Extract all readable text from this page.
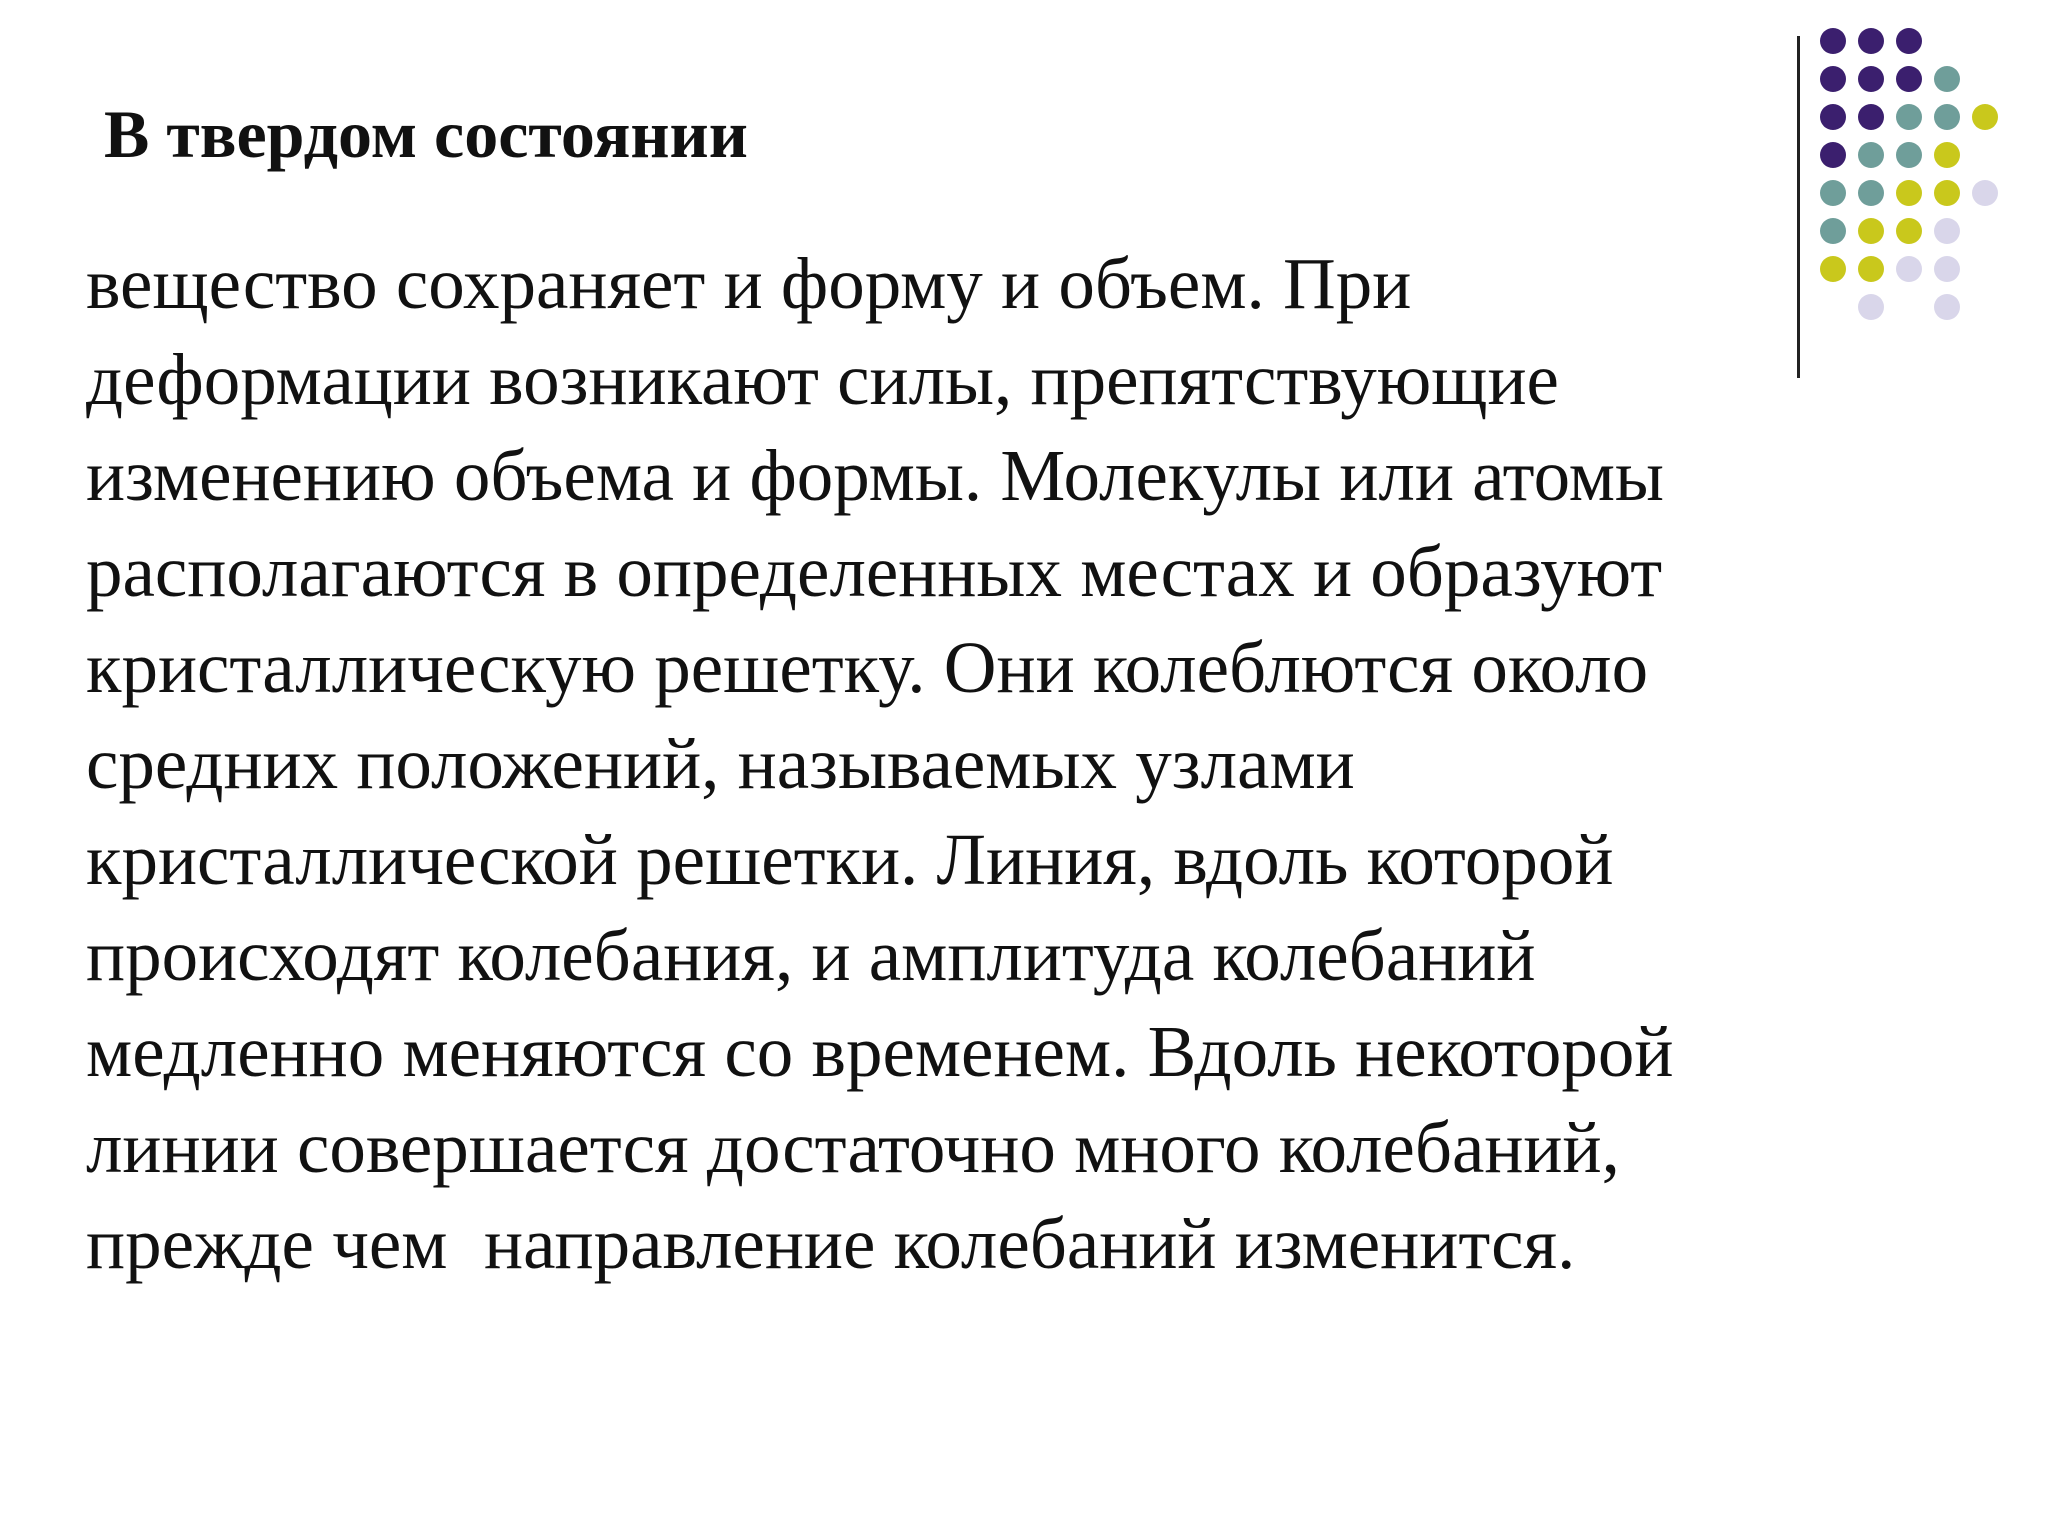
В твердом состоянии
вещество сохраняет и форму и объем. При
деформации возникают силы, препятствующие
изменению объема и формы. Молекулы или атомы
располагаются в определенных местах и образуют
кристаллическую решетку. Они колеблются около
средних положений, называемых узлами
кристаллической решетки. Линия, вдоль которой
происходят колебания, и амплитуда колебаний
медленно меняются со временем. Вдоль некоторой
линии совершается достаточно много колебаний,
прежде чем  направление колебаний изменится.
